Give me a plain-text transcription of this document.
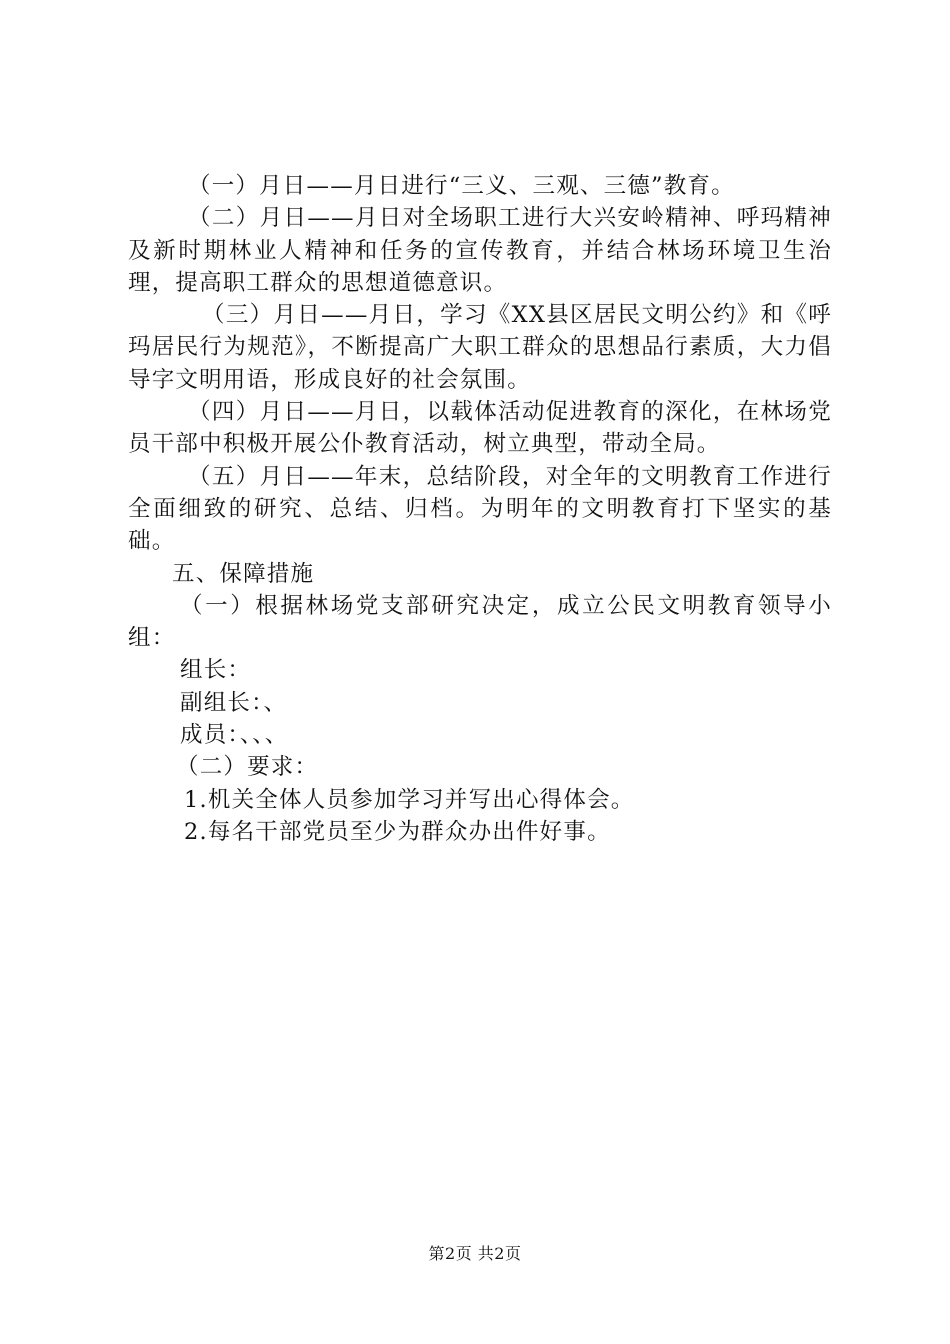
（一）月日——月日进行“三义、三观、三德”教育。

（二）月日——月日对全场职工进行大兴安岭精神、呼玛精神及新时期林业人精神和任务的宣传教育，并结合林场环境卫生治理，提高职工群众的思想道德意识。

（三）月日——月日，学习《XX县区居民文明公约》和《呼玛居民行为规范》，不断提高广大职工群众的思想品行素质，大力倡导字文明用语，形成良好的社会氛围。

（四）月日——月日，以载体活动促进教育的深化，在林场党员干部中积极开展公仆教育活动，树立典型，带动全局。

（五）月日——年末，总结阶段，对全年的文明教育工作进行全面细致的研究、总结、归档。为明年的文明教育打下坚实的基础。

五、保障措施

（一）根据林场党支部研究决定，成立公民文明教育领导小组：

组长：

副组长：、

成员：、、、

（二）要求：

1.机关全体人员参加学习并写出心得体会。

2.每名干部党员至少为群众办出件好事。

第2页 共2页
